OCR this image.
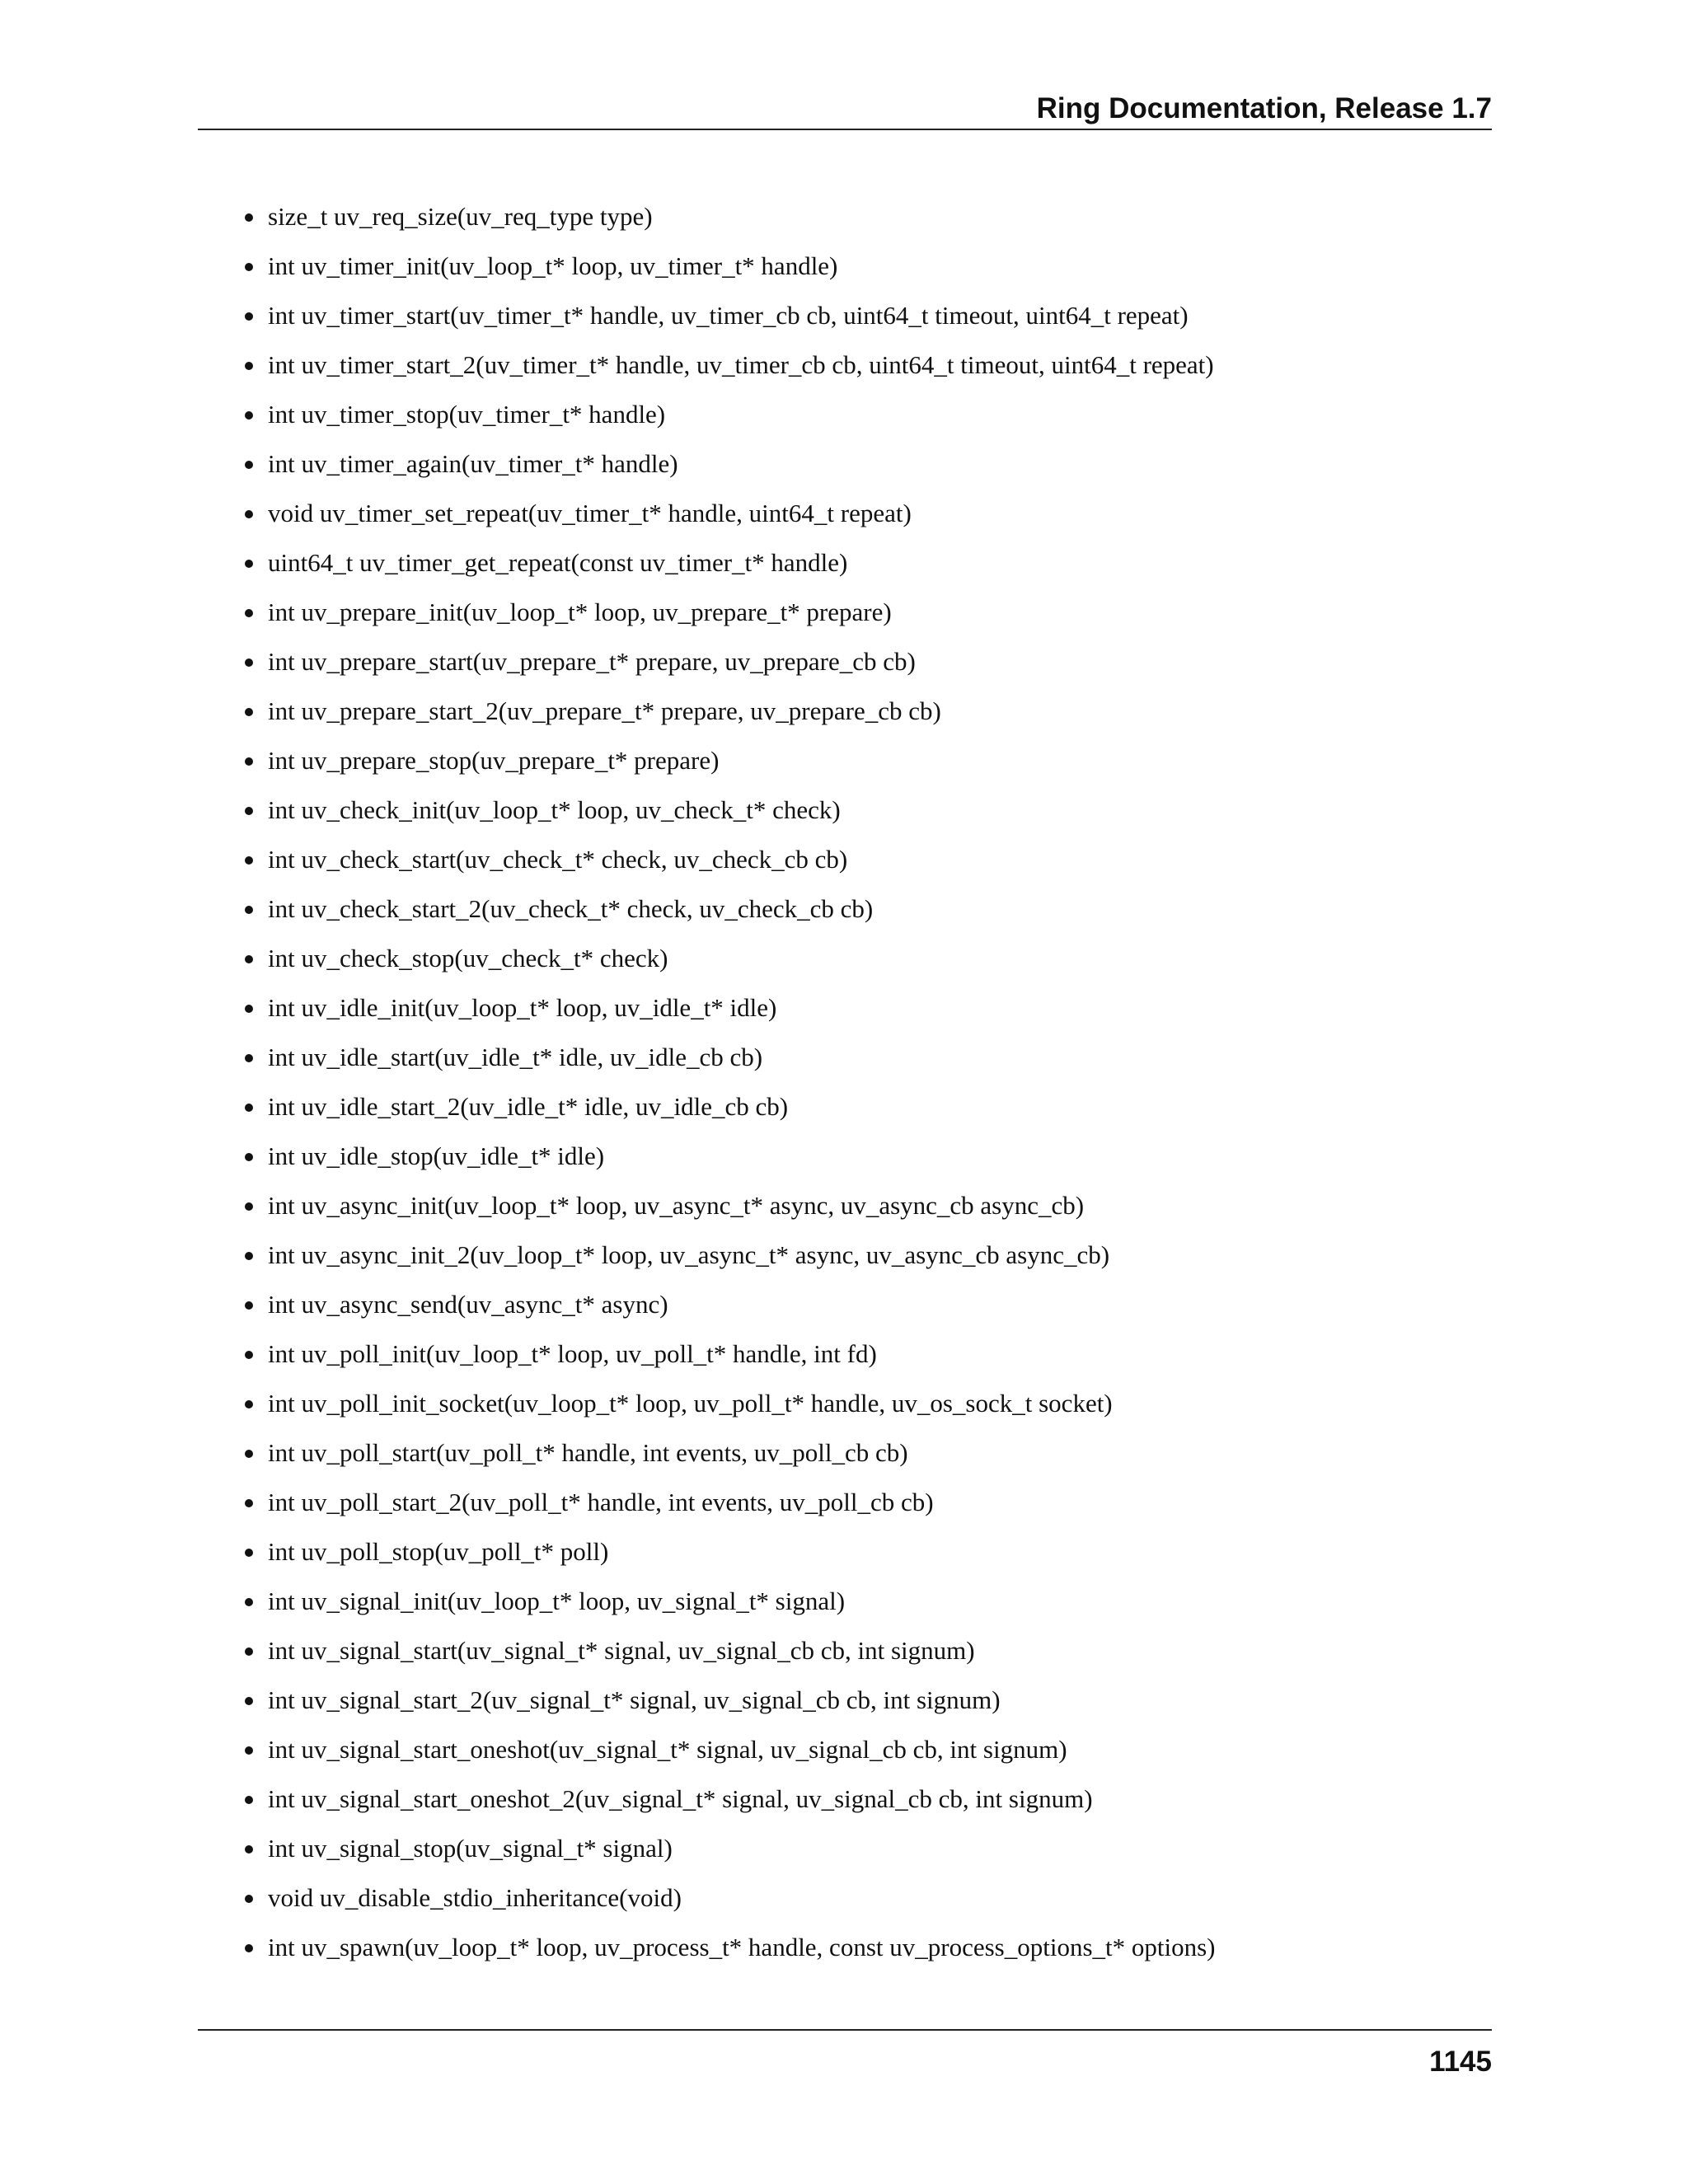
Ring Documentation, Release 1.7
size_t uv_req_size(uv_req_type type)
int uv_timer_init(uv_loop_t* loop, uv_timer_t* handle)
int uv_timer_start(uv_timer_t* handle, uv_timer_cb cb, uint64_t timeout, uint64_t repeat)
int uv_timer_start_2(uv_timer_t* handle, uv_timer_cb cb, uint64_t timeout, uint64_t repeat)
int uv_timer_stop(uv_timer_t* handle)
int uv_timer_again(uv_timer_t* handle)
void uv_timer_set_repeat(uv_timer_t* handle, uint64_t repeat)
uint64_t uv_timer_get_repeat(const uv_timer_t* handle)
int uv_prepare_init(uv_loop_t* loop, uv_prepare_t* prepare)
int uv_prepare_start(uv_prepare_t* prepare, uv_prepare_cb cb)
int uv_prepare_start_2(uv_prepare_t* prepare, uv_prepare_cb cb)
int uv_prepare_stop(uv_prepare_t* prepare)
int uv_check_init(uv_loop_t* loop, uv_check_t* check)
int uv_check_start(uv_check_t* check, uv_check_cb cb)
int uv_check_start_2(uv_check_t* check, uv_check_cb cb)
int uv_check_stop(uv_check_t* check)
int uv_idle_init(uv_loop_t* loop, uv_idle_t* idle)
int uv_idle_start(uv_idle_t* idle, uv_idle_cb cb)
int uv_idle_start_2(uv_idle_t* idle, uv_idle_cb cb)
int uv_idle_stop(uv_idle_t* idle)
int uv_async_init(uv_loop_t* loop, uv_async_t* async, uv_async_cb async_cb)
int uv_async_init_2(uv_loop_t* loop, uv_async_t* async, uv_async_cb async_cb)
int uv_async_send(uv_async_t* async)
int uv_poll_init(uv_loop_t* loop, uv_poll_t* handle, int fd)
int uv_poll_init_socket(uv_loop_t* loop, uv_poll_t* handle, uv_os_sock_t socket)
int uv_poll_start(uv_poll_t* handle, int events, uv_poll_cb cb)
int uv_poll_start_2(uv_poll_t* handle, int events, uv_poll_cb cb)
int uv_poll_stop(uv_poll_t* poll)
int uv_signal_init(uv_loop_t* loop, uv_signal_t* signal)
int uv_signal_start(uv_signal_t* signal, uv_signal_cb cb, int signum)
int uv_signal_start_2(uv_signal_t* signal, uv_signal_cb cb, int signum)
int uv_signal_start_oneshot(uv_signal_t* signal, uv_signal_cb cb, int signum)
int uv_signal_start_oneshot_2(uv_signal_t* signal, uv_signal_cb cb, int signum)
int uv_signal_stop(uv_signal_t* signal)
void uv_disable_stdio_inheritance(void)
int uv_spawn(uv_loop_t* loop, uv_process_t* handle, const uv_process_options_t* options)
1145
